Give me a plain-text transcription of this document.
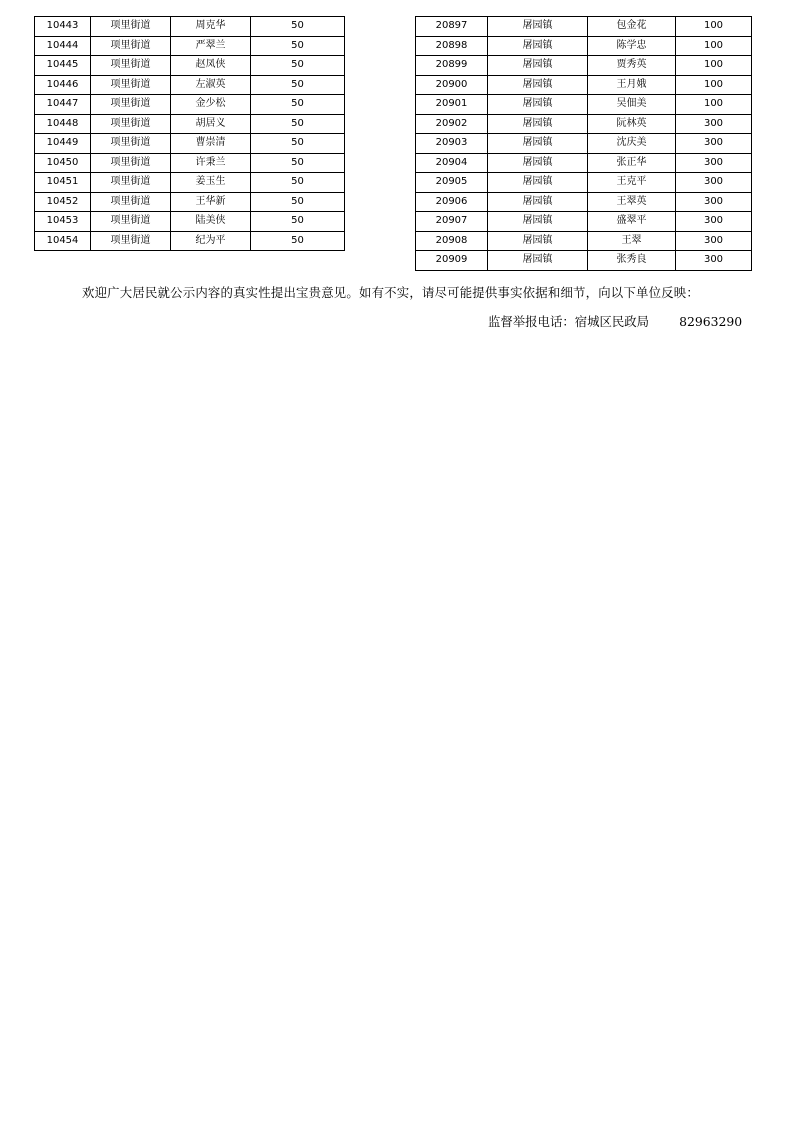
10443	项里街道	周克华	50
10444	项里街道	严翠兰	50
10445	项里街道	赵凤侠	50
10446	项里街道	左淑英	50
10447	项里街道	金少松	50
10448	项里街道	胡居义	50
10449	项里街道	曹崇清	50
10450	项里街道	许秉兰	50
10451	项里街道	姜玉生	50
10452	项里街道	王华新	50
10453	项里街道	陆美侠	50
10454	项里街道	纪为平	50
20897	屠园镇	包金花	100
20898	屠园镇	陈学忠	100
20899	屠园镇	贾秀英	100
20900	屠园镇	王月娥	100
20901	屠园镇	吴佃美	100
20902	屠园镇	阮林英	300
20903	屠园镇	沈庆美	300
20904	屠园镇	张正华	300
20905	屠园镇	王克平	300
20906	屠园镇	王翠英	300
20907	屠园镇	盛翠平	300
20908	屠园镇	王翠	300
20909	屠园镇	张秀良	300
欢迎广大居民就公示内容的真实性提出宝贵意见。如有不实，请尽可能提供事实依据和细节，向以下单位反映：
监督举报电话：宿城区民政局 82963290
